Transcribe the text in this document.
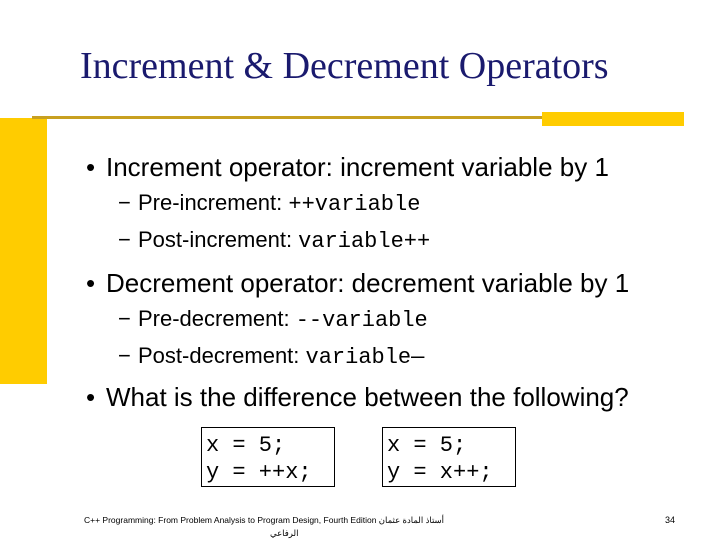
Increment & Decrement Operators
• Increment operator: increment variable by 1
− Pre-increment: ++variable
− Post-increment: variable++
• Decrement operator: decrement variable by 1
− Pre-decrement: --variable
− Post-decrement: variable—
• What is the difference between the following?
x = 5;
y = ++x;
x = 5;
y = x++;
C++ Programming: From Problem Analysis to Program Design, Fourth Edition أستاذ المادة عثمان
الرفاعي
34
